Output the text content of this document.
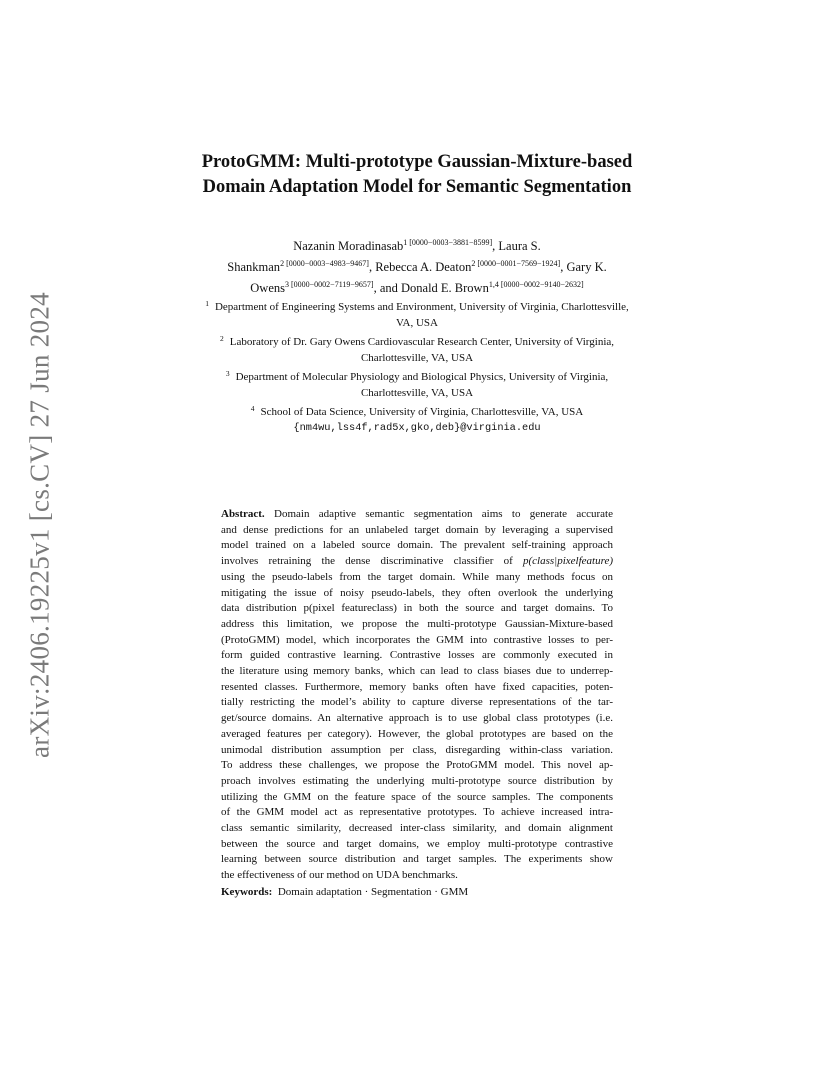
arXiv:2406.19225v1 [cs.CV] 27 Jun 2024
ProtoGMM: Multi-prototype Gaussian-Mixture-based
Domain Adaptation Model for Semantic Segmentation
Nazanin Moradinasab$^{1 [0000-0003-3881-8599]}$, Laura S.
Shankman$^{2 [0000-0003-4983-9467]}$, Rebecca A. Deaton$^{2 [0000-0001-7569-1924]}$, Gary K.
Owens$^{3 [0000-0002-7119-9657]}$, and Donald E. Brown$^{1,4 [0000-0002-9140-2632]}$
$^1$ Department of Engineering Systems and Environment, University of Virginia, Charlottesville,
VA, USA
$^2$ Laboratory of Dr. Gary Owens Cardiovascular Research Center, University of Virginia,
Charlottesville, VA, USA
$^3$ Department of Molecular Physiology and Biological Physics, University of Virginia,
Charlottesville, VA, USA
$^4$ School of Data Science, University of Virginia, Charlottesville, VA, USA
{nm4wu,lss4f,rad5x,gko,deb}@virginia.edu
Abstract. Domain adaptive semantic segmentation aims to generate accurate
and dense predictions for an unlabeled target domain by leveraging a supervised
model trained on a labeled source domain. The prevalent self-training approach
involves retraining the dense discriminative classifier of p(class|pixelfeature)
using the pseudo-labels from the target domain. While many methods focus on
mitigating the issue of noisy pseudo-labels, they often overlook the underlying
data distribution p(pixel featureclass) in both the source and target domains. To
address this limitation, we propose the multi-prototype Gaussian-Mixture-based
(ProtoGMM) model, which incorporates the GMM into contrastive losses to per-
form guided contrastive learning. Contrastive losses are commonly executed in
the literature using memory banks, which can lead to class biases due to underrep-
resented classes. Furthermore, memory banks often have fixed capacities, poten-
tially restricting the model’s ability to capture diverse representations of the tar-
get/source domains. An alternative approach is to use global class prototypes (i.e.
averaged features per category). However, the global prototypes are based on the
unimodal distribution assumption per class, disregarding within-class variation.
To address these challenges, we propose the ProtoGMM model. This novel ap-
proach involves estimating the underlying multi-prototype source distribution by
utilizing the GMM on the feature space of the source samples. The components
of the GMM model act as representative prototypes. To achieve increased intra-
class semantic similarity, decreased inter-class similarity, and domain alignment
between the source and target domains, we employ multi-prototype contrastive
learning between source distribution and target samples. The experiments show
the effectiveness of our method on UDA benchmarks.
Keywords: Domain adaptation · Segmentation · GMM
